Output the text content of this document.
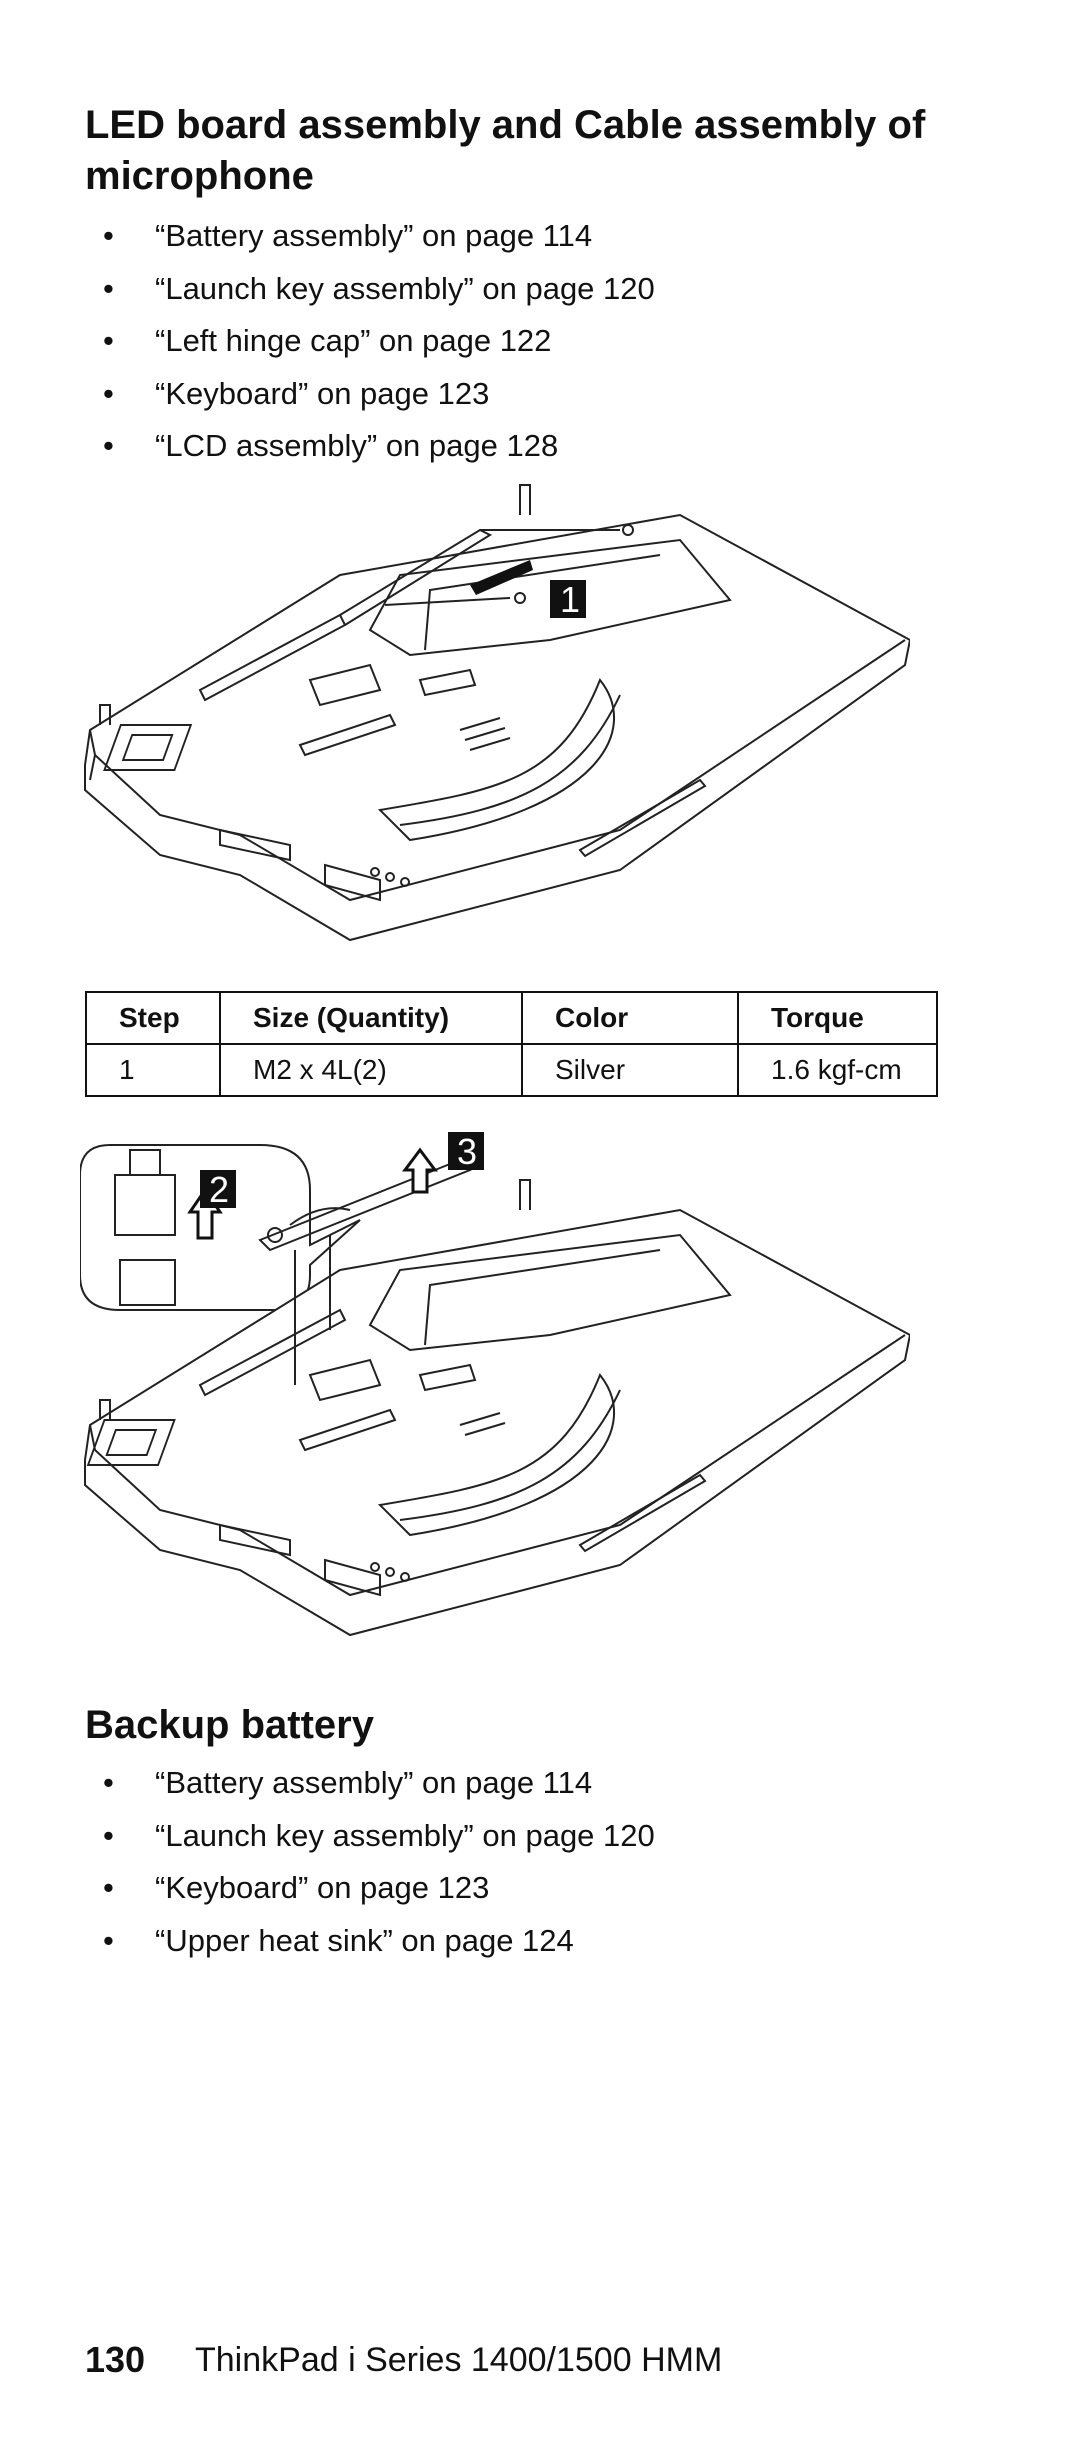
LED board assembly and Cable assembly of microphone
• “Battery assembly” on page 114
• “Launch key assembly” on page 120
• “Left hinge cap” on page 122
• “Keyboard” on page 123
• “LCD assembly” on page 128
1
Step	Size (Quantity)	Color	Torque
1	M2 x 4L(2)	Silver	1.6 kgf-cm
2
3
Backup battery
• “Battery assembly” on page 114
• “Launch key assembly” on page 120
• “Keyboard” on page 123
• “Upper heat sink” on page 124
130 ThinkPad i Series 1400/1500 HMM
